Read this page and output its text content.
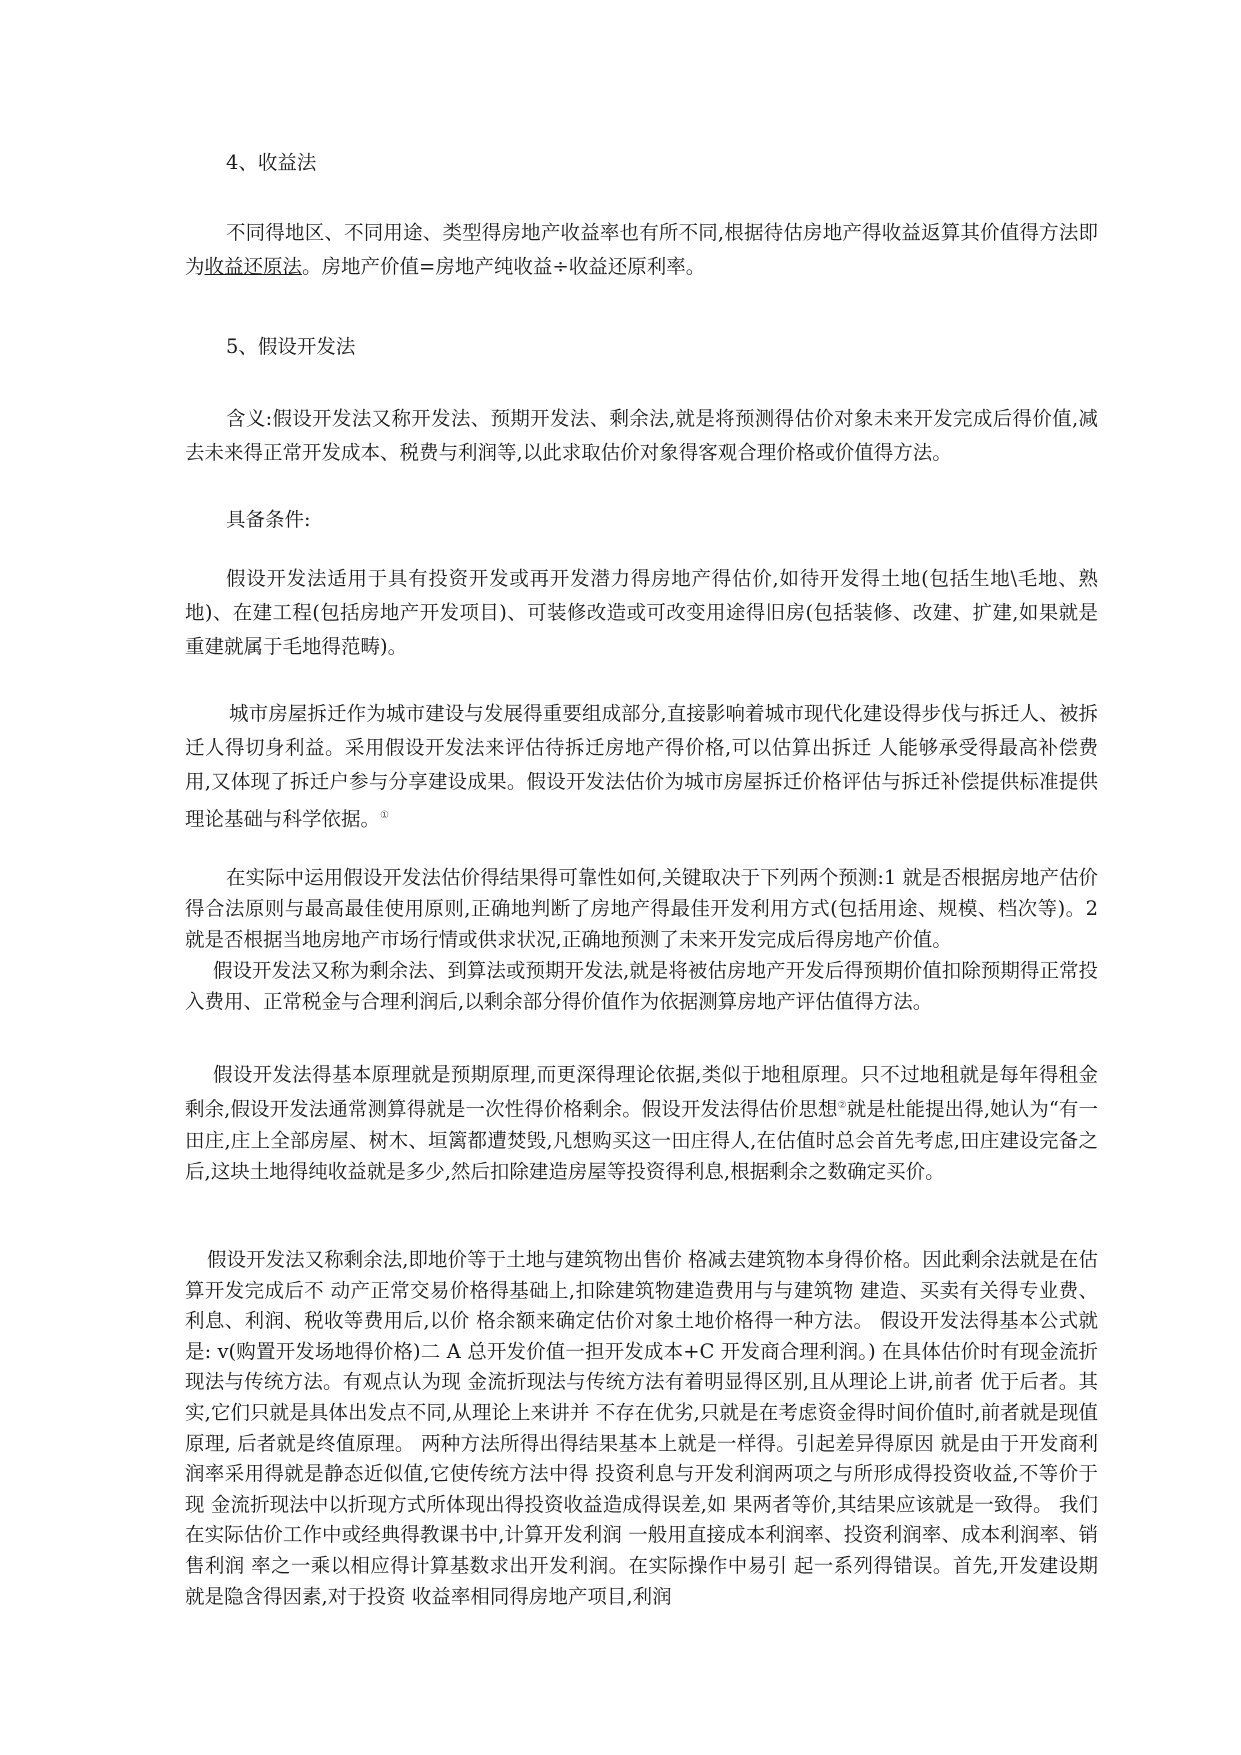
4、收益法

不同得地区、不同用途、类型得房地产收益率也有所不同,根据待估房地产得收益返算其价值得方法即为收益还原法。房地产价值=房地产纯收益÷收益还原利率。

5、假设开发法

含义:假设开发法又称开发法、预期开发法、剩余法,就是将预测得估价对象未来开发完成后得价值,减去未来得正常开发成本、税费与利润等,以此求取估价对象得客观合理价格或价值得方法。

具备条件:

假设开发法适用于具有投资开发或再开发潜力得房地产得估价,如待开发得土地(包括生地\毛地、熟地)、在建工程(包括房地产开发项目)、可装修改造或可改变用途得旧房(包括装修、改建、扩建,如果就是重建就属于毛地得范畴)。

城市房屋拆迁作为城市建设与发展得重要组成部分,直接影响着城市现代化建设得步伐与拆迁人、被拆迁人得切身利益。采用假设开发法来评估待拆迁房地产得价格,可以估算出拆迁 人能够承受得最高补偿费用,又体现了拆迁户参与分享建设成果。假设开发法估价为城市房屋拆迁价格评估与拆迁补偿提供标准提供理论基础与科学依据。①

在实际中运用假设开发法估价得结果得可靠性如何,关键取决于下列两个预测:1 就是否根据房地产估价得合法原则与最高最佳使用原则,正确地判断了房地产得最佳开发利用方式(包括用途、规模、档次等)。2 就是否根据当地房地产市场行情或供求状况,正确地预测了未来开发完成后得房地产价值。

假设开发法又称为剩余法、到算法或预期开发法,就是将被估房地产开发后得预期价值扣除预期得正常投入费用、正常税金与合理利润后,以剩余部分得价值作为依据测算房地产评估值得方法。

假设开发法得基本原理就是预期原理,而更深得理论依据,类似于地租原理。只不过地租就是每年得租金剩余,假设开发法通常测算得就是一次性得价格剩余。假设开发法得估价思想②就是杜能提出得,她认为“有一田庄,庄上全部房屋、树木、垣篱都遭焚毁,凡想购买这一田庄得人,在估值时总会首先考虑,田庄建设完备之后,这块土地得纯收益就是多少,然后扣除建造房屋等投资得利息,根据剩余之数确定买价。

假设开发法又称剩余法,即地价等于土地与建筑物出售价 格减去建筑物本身得价格。因此剩余法就是在估算开发完成后不 动产正常交易价格得基础上,扣除建筑物建造费用与与建筑物 建造、买卖有关得专业费、利息、利润、税收等费用后,以价 格余额来确定估价对象土地价格得一种方法。 假设开发法得基本公式就是: v(购置开发场地得价格)二 A 总开发价值一担开发成本+C 开发商合理利润。) 在具体估价时有现金流折现法与传统方法。有观点认为现 金流折现法与传统方法有着明显得区别,且从理论上讲,前者 优于后者。其实,它们只就是具体出发点不同,从理论上来讲并 不存在优劣,只就是在考虑资金得时间价值时,前者就是现值原理, 后者就是终值原理。 两种方法所得出得结果基本上就是一样得。引起差异得原因 就是由于开发商利润率采用得就是静态近似值,它使传统方法中得 投资利息与开发利润两项之与所形成得投资收益,不等价于现 金流折现法中以折现方式所体现出得投资收益造成得误差,如 果两者等价,其结果应该就是一致得。 我们在实际估价工作中或经典得教课书中,计算开发利润 一般用直接成本利润率、投资利润率、成本利润率、销售利润 率之一乘以相应得计算基数求出开发利润。在实际操作中易引 起一系列得错误。首先,开发建设期就是隐含得因素,对于投资 收益率相同得房地产项目,利润
